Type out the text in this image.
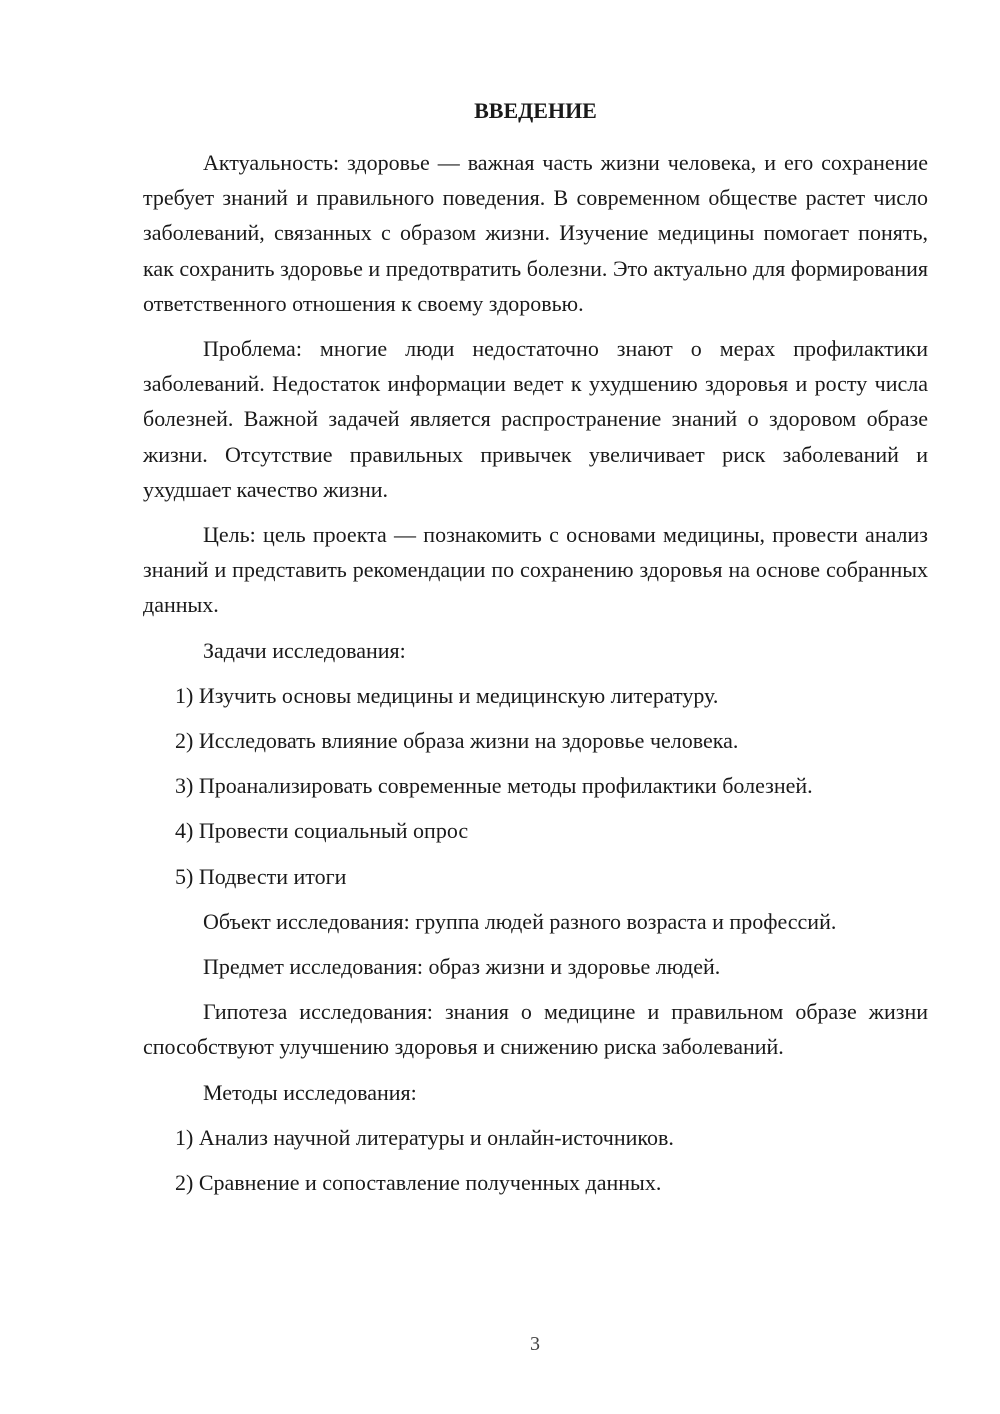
ВВЕДЕНИЕ

Актуальность: здоровье — важная часть жизни человека, и его сохранение требует знаний и правильного поведения. В современном обществе растет число заболеваний, связанных с образом жизни. Изучение медицины помогает понять, как сохранить здоровье и предотвратить болезни. Это актуально для формирования ответственного отношения к своему здоровью.

Проблема: многие люди недостаточно знают о мерах профилактики заболеваний. Недостаток информации ведет к ухудшению здоровья и росту числа болезней. Важной задачей является распространение знаний о здоровом образе жизни. Отсутствие правильных привычек увеличивает риск заболеваний и ухудшает качество жизни.

Цель: цель проекта — познакомить с основами медицины, провести анализ знаний и представить рекомендации по сохранению здоровья на основе собранных данных.

Задачи исследования:
1) Изучить основы медицины и медицинскую литературу.
2) Исследовать влияние образа жизни на здоровье человека.
3) Проанализировать современные методы профилактики болезней.
4) Провести социальный опрос
5) Подвести итоги
Объект исследования: группа людей разного возраста и профессий.
Предмет исследования: образ жизни и здоровье людей.

Гипотеза исследования: знания о медицине и правильном образе жизни способствуют улучшению здоровья и снижению риска заболеваний.

Методы исследования:
1) Анализ научной литературы и онлайн-источников.
2) Сравнение и сопоставление полученных данных.
3
